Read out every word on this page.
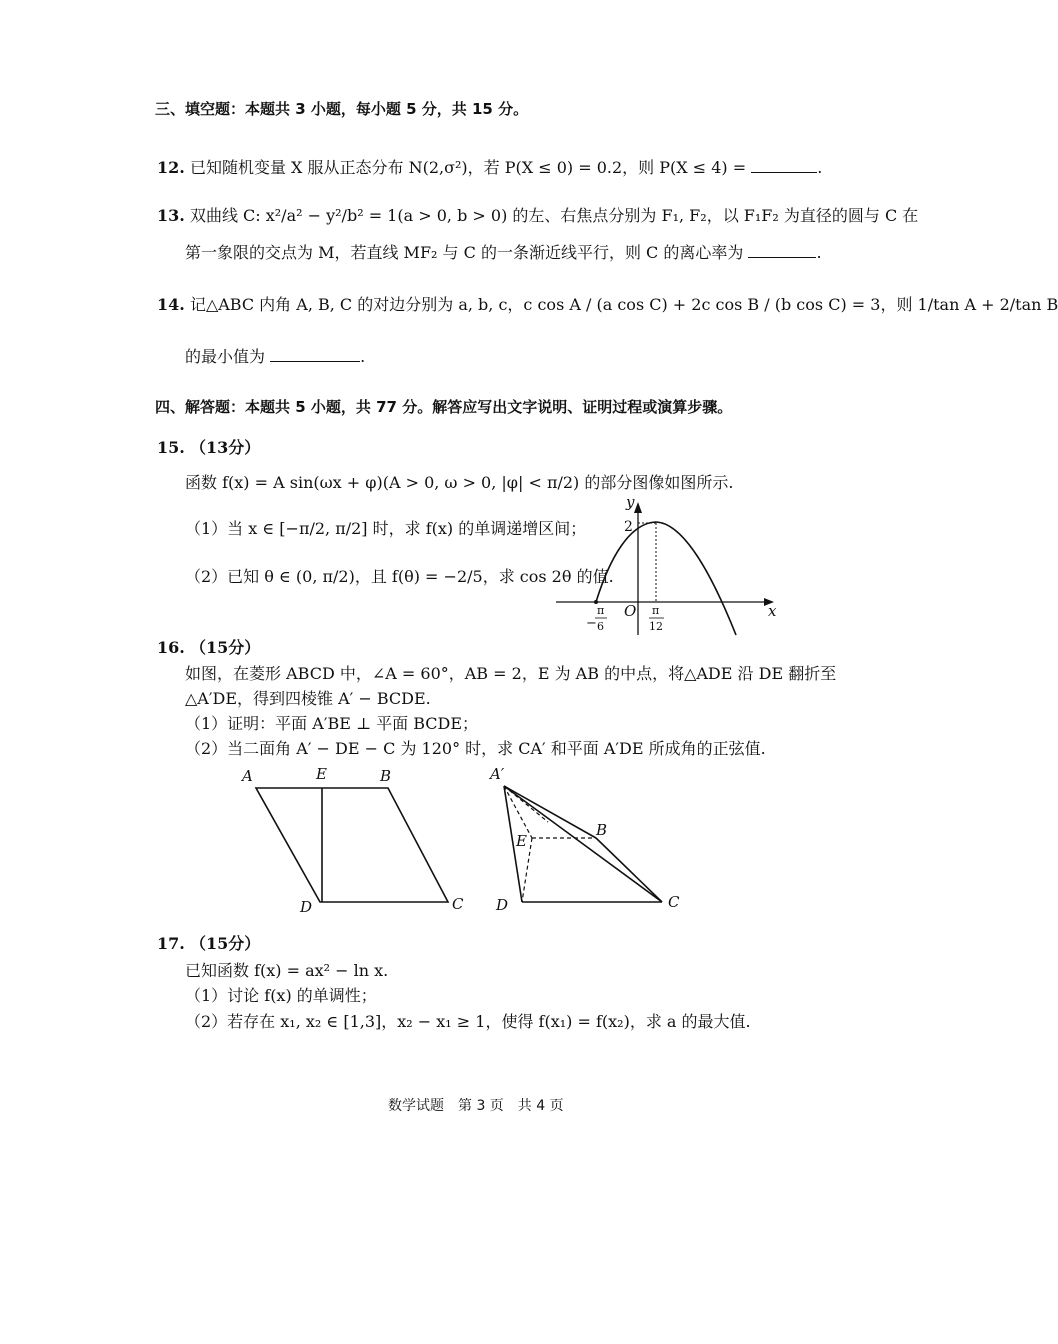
三、填空题：本题共 3 小题，每小题 5 分，共 15 分。
12. 已知随机变量 X 服从正态分布 N(2,σ²)，若 P(X ≤ 0) = 0.2，则 P(X ≤ 4) =	.
13. 双曲线 C: x²/a² − y²/b² = 1(a > 0, b > 0) 的左、右焦点分别为 F₁, F₂，以 F₁F₂ 为直径的圆与 C 在
第一象限的交点为 M，若直线 MF₂ 与 C 的一条渐近线平行，则 C 的离心率为	.
14. 记△ABC 内角 A, B, C 的对边分别为 a, b, c，c cos A / (a cos C) + 2c cos B / (b cos C) = 3，则 1/tan A + 2/tan B
的最小值为	.
四、解答题：本题共 5 小题，共 77 分。解答应写出文字说明、证明过程或演算步骤。
15. （13分）
函数 f(x) = A sin(ωx + φ)(A > 0, ω > 0, |φ| < π/2) 的部分图像如图所示.
（1）当 x ∈ [−π/2, π/2] 时，求 f(x) 的单调递增区间；
（2）已知 θ ∈ (0, π/2)，且 f(θ) = −2/5，求 cos 2θ 的值.
y
x
O
2
−
π
6
π
12
16. （15分）
如图，在菱形 ABCD 中，∠A = 60°，AB = 2，E 为 AB 的中点，将△ADE 沿 DE 翻折至
△A′DE，得到四棱锥 A′ − BCDE.
（1）证明：平面 A′BE ⊥ 平面 BCDE；
（2）当二面角 A′ − DE − C 为 120° 时，求 CA′ 和平面 A′DE 所成角的正弦值.
A	E	B
C
D
A′
E
B
C
D
17. （15分）
已知函数 f(x) = ax² − ln x.
（1）讨论 f(x) 的单调性；
（2）若存在 x₁, x₂ ∈ [1,3]，x₂ − x₁ ≥ 1，使得 f(x₁) = f(x₂)，求 a 的最大值.
数学试题　第 3 页　共 4 页
